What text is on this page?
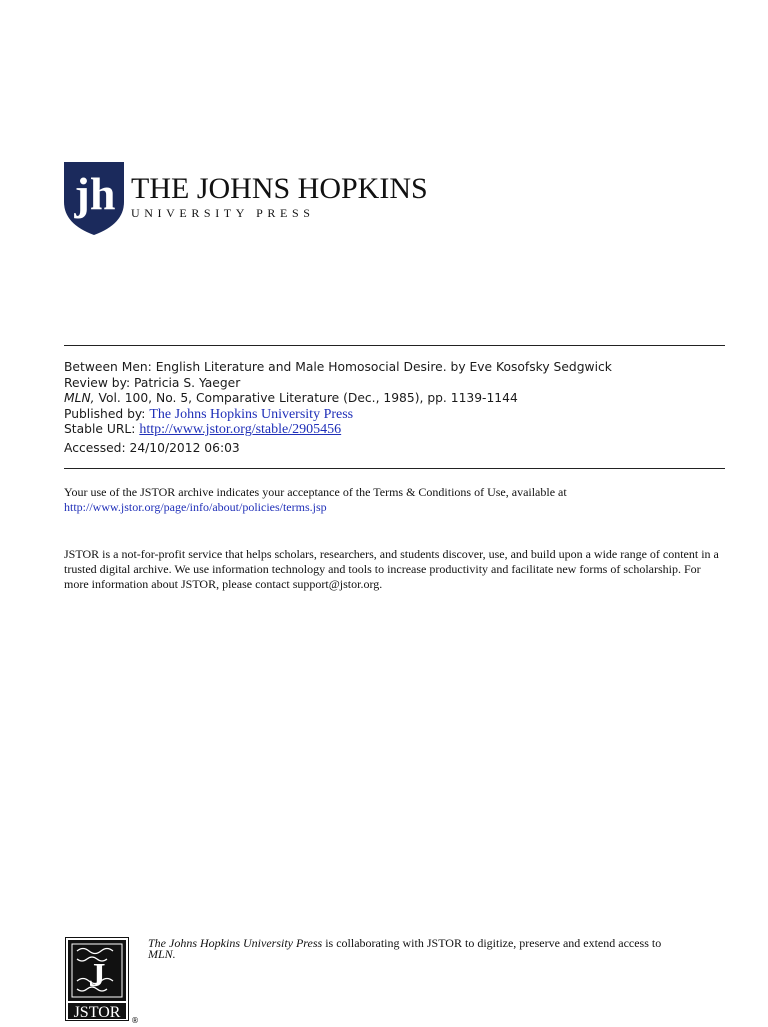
jh THE JOHNS HOPKINS
UNIVERSITY PRESS
Between Men: English Literature and Male Homosocial Desire. by Eve Kosofsky Sedgwick
Review by: Patricia S. Yaeger
MLN, Vol. 100, No. 5, Comparative Literature (Dec., 1985), pp. 1139-1144
Published by: The Johns Hopkins University Press
Stable URL: http://www.jstor.org/stable/2905456
Accessed: 24/10/2012 06:03
Your use of the JSTOR archive indicates your acceptance of the Terms & Conditions of Use, available at
http://www.jstor.org/page/info/about/policies/terms.jsp
JSTOR is a not-for-profit service that helps scholars, researchers, and students discover, use, and build upon a wide range of content in a trusted digital archive. We use information technology and tools to increase productivity and facilitate new forms of scholarship. For more information about JSTOR, please contact support@jstor.org.
J
JSTOR ®
The Johns Hopkins University Press is collaborating with JSTOR to digitize, preserve and extend access to
MLN.
